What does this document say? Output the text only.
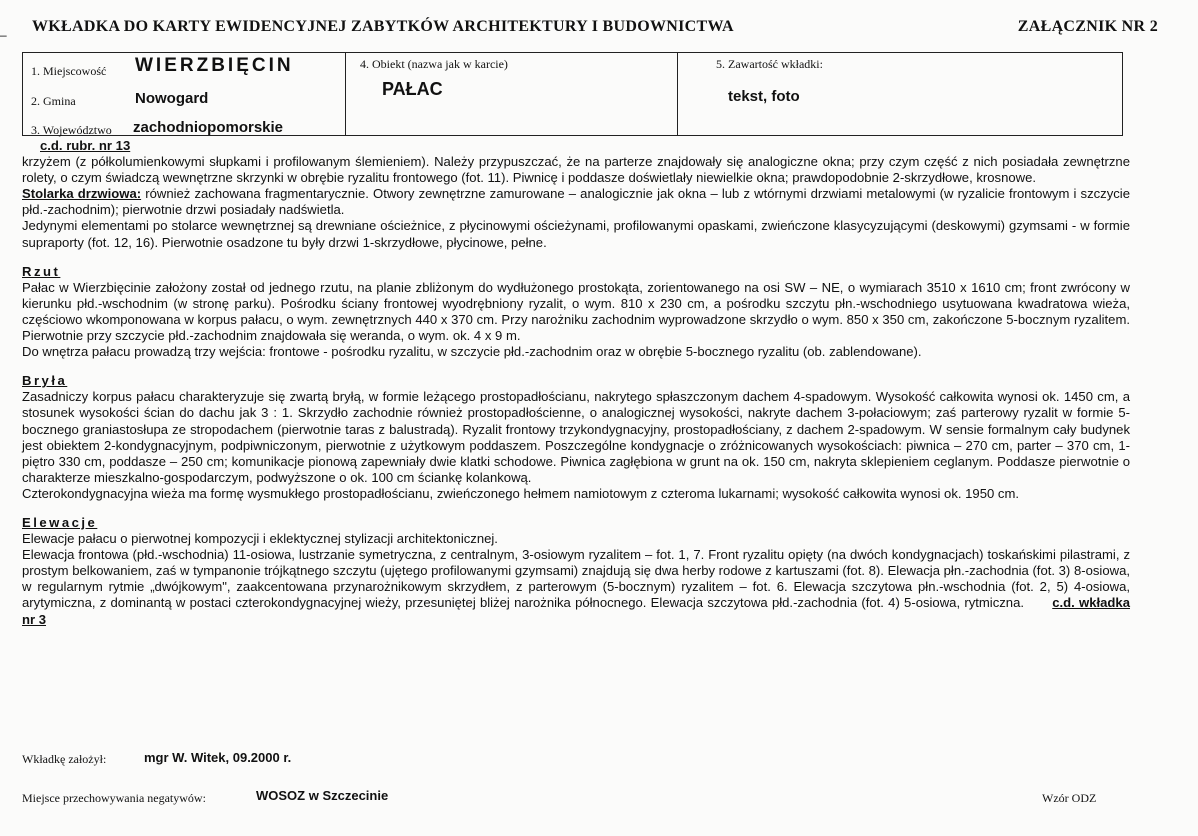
WKŁADKA DO KARTY EWIDENCYJNEJ ZABYTKÓW ARCHITEKTURY I BUDOWNICTWA	ZAŁĄCZNIK NR 2
–
1. Miejscowość WIERZBIĘCIN
2. Gmina	Nowogard
3. Województwo zachodniopomorskie
4. Obiekt (nazwa jak w karcie)
PAŁAC
5. Zawartość wkładki:
tekst, foto

c.d. rubr. nr 13

krzyżem (z półkolumienkowymi słupkami i profilowanym ślemieniem). Należy przypuszczać, że na parterze znajdowały się analogiczne okna; przy czym część z nich posiadała zewnętrzne rolety, o czym świadczą wewnętrzne skrzynki w obrębie ryzalitu frontowego (fot. 11). Piwnicę i poddasze doświetlały niewielkie okna; prawdopodobnie 2-skrzydłowe, krosnowe.

Stolarka drzwiowa: również zachowana fragmentarycznie. Otwory zewnętrzne zamurowane – analogicznie jak okna – lub z wtórnymi drzwiami metalowymi (w ryzalicie frontowym i szczycie płd.-zachodnim); pierwotnie drzwi posiadały nadświetla.

Jedynymi elementami po stolarce wewnętrznej są drewniane ościeżnice, z płycinowymi ościeżynami, profilowanymi opaskami, zwieńczone klasycyzującymi (deskowymi) gzymsami - w formie supraporty (fot. 12, 16). Pierwotnie osadzone tu były drzwi 1-skrzydłowe, płycinowe, pełne.

Rzut

Pałac w Wierzbięcinie założony został od jednego rzutu, na planie zbliżonym do wydłużonego prostokąta, zorientowanego na osi SW – NE, o wymiarach 3510 x 1610 cm; front zwrócony w kierunku płd.-wschodnim (w stronę parku). Pośrodku ściany frontowej wyodrębniony ryzalit, o wym. 810 x 230 cm, a pośrodku szczytu płn.-wschodniego usytuowana kwadratowa wieża, częściowo wkomponowana w korpus pałacu, o wym. zewnętrznych 440 x 370 cm. Przy narożniku zachodnim wyprowadzone skrzydło o wym. 850 x 350 cm, zakończone 5-bocznym ryzalitem. Pierwotnie przy szczycie płd.-zachodnim znajdowała się weranda, o wym. ok. 4 x 9 m.

Do wnętrza pałacu prowadzą trzy wejścia: frontowe - pośrodku ryzalitu, w szczycie płd.-zachodnim oraz w obrębie 5-bocznego ryzalitu (ob. zablendowane).

Bryła

Zasadniczy korpus pałacu charakteryzuje się zwartą bryłą, w formie leżącego prostopadłościanu, nakrytego spłaszczonym dachem 4-spadowym. Wysokość całkowita wynosi ok. 1450 cm, a stosunek wysokości ścian do dachu jak 3 : 1. Skrzydło zachodnie również prostopadłościenne, o analogicznej wysokości, nakryte dachem 3-połaciowym; zaś parterowy ryzalit w formie 5-bocznego graniastosłupa ze stropodachem (pierwotnie taras z balustradą). Ryzalit frontowy trzykondygnacyjny, prostopadłościany, z dachem 2-spadowym. W sensie formalnym cały budynek jest obiektem 2-kondygnacyjnym, podpiwniczonym, pierwotnie z użytkowym poddaszem. Poszczególne kondygnacje o zróżnicowanych wysokościach: piwnica – 270 cm, parter – 370 cm, 1-piętro 330 cm, poddasze – 250 cm; komunikacje pionową zapewniały dwie klatki schodowe. Piwnica zagłębiona w grunt na ok. 150 cm, nakryta sklepieniem ceglanym. Poddasze pierwotnie o charakterze mieszkalno-gospodarczym, podwyższone o ok. 100 cm ściankę kolankową.

Czterokondygnacyjna wieża ma formę wysmukłego prostopadłościanu, zwieńczonego hełmem namiotowym z czteroma lukarnami; wysokość całkowita wynosi ok. 1950 cm.

Elewacje

Elewacje pałacu o pierwotnej kompozycji i eklektycznej stylizacji architektonicznej.

Elewacja frontowa (płd.-wschodnia) 11-osiowa, lustrzanie symetryczna, z centralnym, 3-osiowym ryzalitem – fot. 1, 7. Front ryzalitu opięty (na dwóch kondygnacjach) toskańskimi pilastrami, z prostym belkowaniem, zaś w tympanonie trójkątnego szczytu (ujętego profilowanymi gzymsami) znajdują się dwa herby rodowe z kartuszami (fot. 8). Elewacja płn.-zachodnia (fot. 3) 8-osiowa, w regularnym rytmie „dwójkowym", zaakcentowana przynarożnikowym skrzydłem, z parterowym (5-bocznym) ryzalitem – fot. 6. Elewacja szczytowa płn.-wschodnia (fot. 2, 5) 4-osiowa, arytymiczna, z dominantą w postaci czterokondygnacyjnej wieży, przesuniętej bliżej narożnika północnego. Elewacja szczytowa płd.-zachodnia (fot. 4) 5-osiowa, rytmiczna. c.d. wkładka nr 3

Wkładkę założył:	mgr W. Witek, 09.2000 r.
Miejsce przechowywania negatywów:	WOSOZ w Szczecinie	Wzór ODZ
